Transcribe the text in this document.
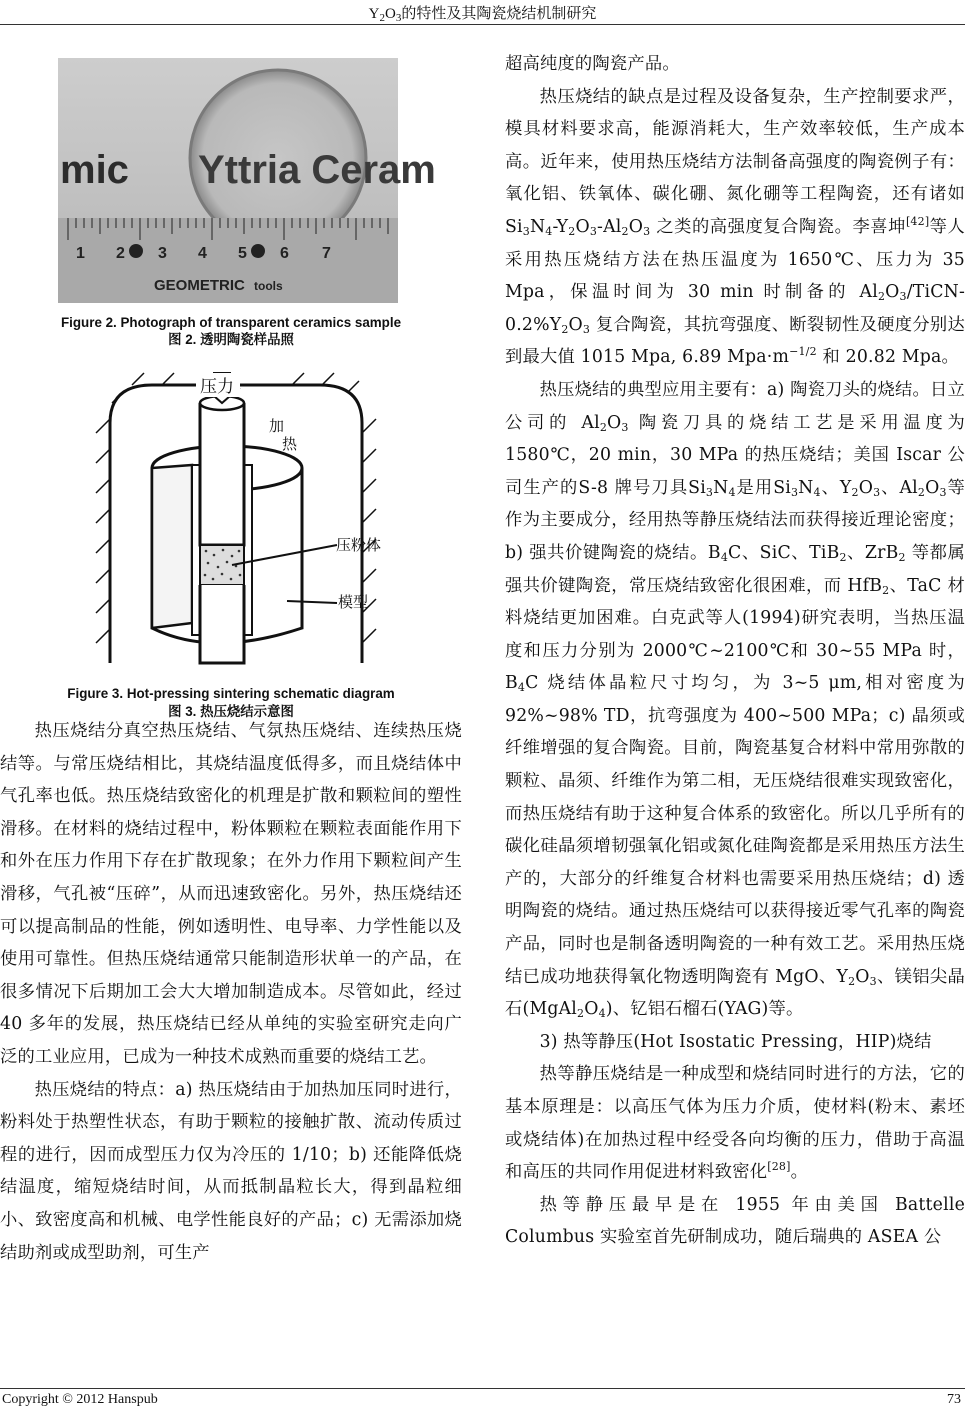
$Y_2O_3$的特性及其陶瓷烧结机制研究
mic Yttria Ceram
1 2 3 4 5 6 7
GEOMETRIC tools
Figure 2. Photograph of transparent ceramics sample
图 2. 透明陶瓷样品照
压力
加
热
压粉体
模型
Figure 3. Hot-pressing sintering schematic diagram
图 3. 热压烧结示意图

热压烧结分真空热压烧结、气氛热压烧结、连续热压烧结等。与常压烧结相比，其烧结温度低得多，而且烧结体中气孔率也低。热压烧结致密化的机理是扩散和颗粒间的塑性滑移。在材料的烧结过程中，粉体颗粒在颗粒表面能作用下和外在压力作用下存在扩散现象；在外力作用下颗粒间产生滑移，气孔被“压碎”，从而迅速致密化。另外，热压烧结还可以提高制品的性能，例如透明性、电导率、力学性能以及使用可靠性。但热压烧结通常只能制造形状单一的产品，在很多情况下后期加工会大大增加制造成本。尽管如此，经过 40 多年的发展，热压烧结已经从单纯的实验室研究走向广泛的工业应用，已成为一种技术成熟而重要的烧结工艺。

热压烧结的特点：a) 热压烧结由于加热加压同时进行，粉料处于热塑性状态，有助于颗粒的接触扩散、流动传质过程的进行，因而成型压力仅为冷压的 1/10；b) 还能降低烧结温度，缩短烧结时间，从而抵制晶粒长大，得到晶粒细小、致密度高和机械、电学性能良好的产品；c) 无需添加烧结助剂或成型助剂，可生产

超高纯度的陶瓷产品。

热压烧结的缺点是过程及设备复杂，生产控制要求严，模具材料要求高，能源消耗大，生产效率较低，生产成本高。近年来，使用热压烧结方法制备高强度的陶瓷例子有：氧化铝、铁氧体、碳化硼、氮化硼等工程陶瓷，还有诸如 $Si_3N_4-Y_2O_3-Al_2O_3$ 之类的高强度复合陶瓷。李喜坤[42]等人采用热压烧结方法在热压温度为 1650℃、压力为 35 Mpa，保温时间为 30 min 时制备的 $Al_2O_3/TiCN-0.2\%Y_2O_3$ 复合陶瓷，其抗弯强度、断裂韧性及硬度分别达到最大值 1015 Mpa, 6.89 $Mpa\cdot m^{-1/2}$ 和 20.82 Mpa。

热压烧结的典型应用主要有：a) 陶瓷刀头的烧结。日立公司的 $Al_2O_3$ 陶瓷刀具的烧结工艺是采用温度为 1580℃，20 min，30 MPa 的热压烧结；美国 Iscar 公司生产的S-8 牌号刀具$Si_3N_4$是用$Si_3N_4$、$Y_2O_3$、$Al_2O_3$等作为主要成分，经用热等静压烧结法而获得接近理论密度；b) 强共价键陶瓷的烧结。$B_4C$、SiC、TiB$_2$、ZrB$_2$ 等都属强共价键陶瓷，常压烧结致密化很困难，而 HfB$_2$、TaC 材料烧结更加困难。白克武等人(1994)研究表明，当热压温度和压力分别为 2000℃~2100℃和 30~55 MPa 时，$B_4C$ 烧结体晶粒尺寸均匀，为 3~5 μm,相对密度为 92%~98% TD，抗弯强度为 400~500 MPa；c) 晶须或纤维增强的复合陶瓷。目前，陶瓷基复合材料中常用弥散的颗粒、晶须、纤维作为第二相，无压烧结很难实现致密化，而热压烧结有助于这种复合体系的致密化。所以几乎所有的碳化硅晶须增韧强氧化铝或氮化硅陶瓷都是采用热压方法生产的，大部分的纤维复合材料也需要采用热压烧结；d) 透明陶瓷的烧结。通过热压烧结可以获得接近零气孔率的陶瓷产品，同时也是制备透明陶瓷的一种有效工艺。采用热压烧结已成功地获得氧化物透明陶瓷有 MgO、$Y_2O_3$、镁铝尖晶石$(MgAl_2O_4)$、钇铝石榴石(YAG)等。

3) 热等静压(Hot Isostatic Pressing，HIP)烧结

热等静压烧结是一种成型和烧结同时进行的方法，它的基本原理是：以高压气体为压力介质，使材料(粉末、素坯或烧结体)在加热过程中经受各向均衡的压力，借助于高温和高压的共同作用促进材料致密化[28]。

热等静压最早是在 1955 年由美国 Battelle Columbus 实验室首先研制成功，随后瑞典的 ASEA 公

Copyright © 2012 Hanspub	73
